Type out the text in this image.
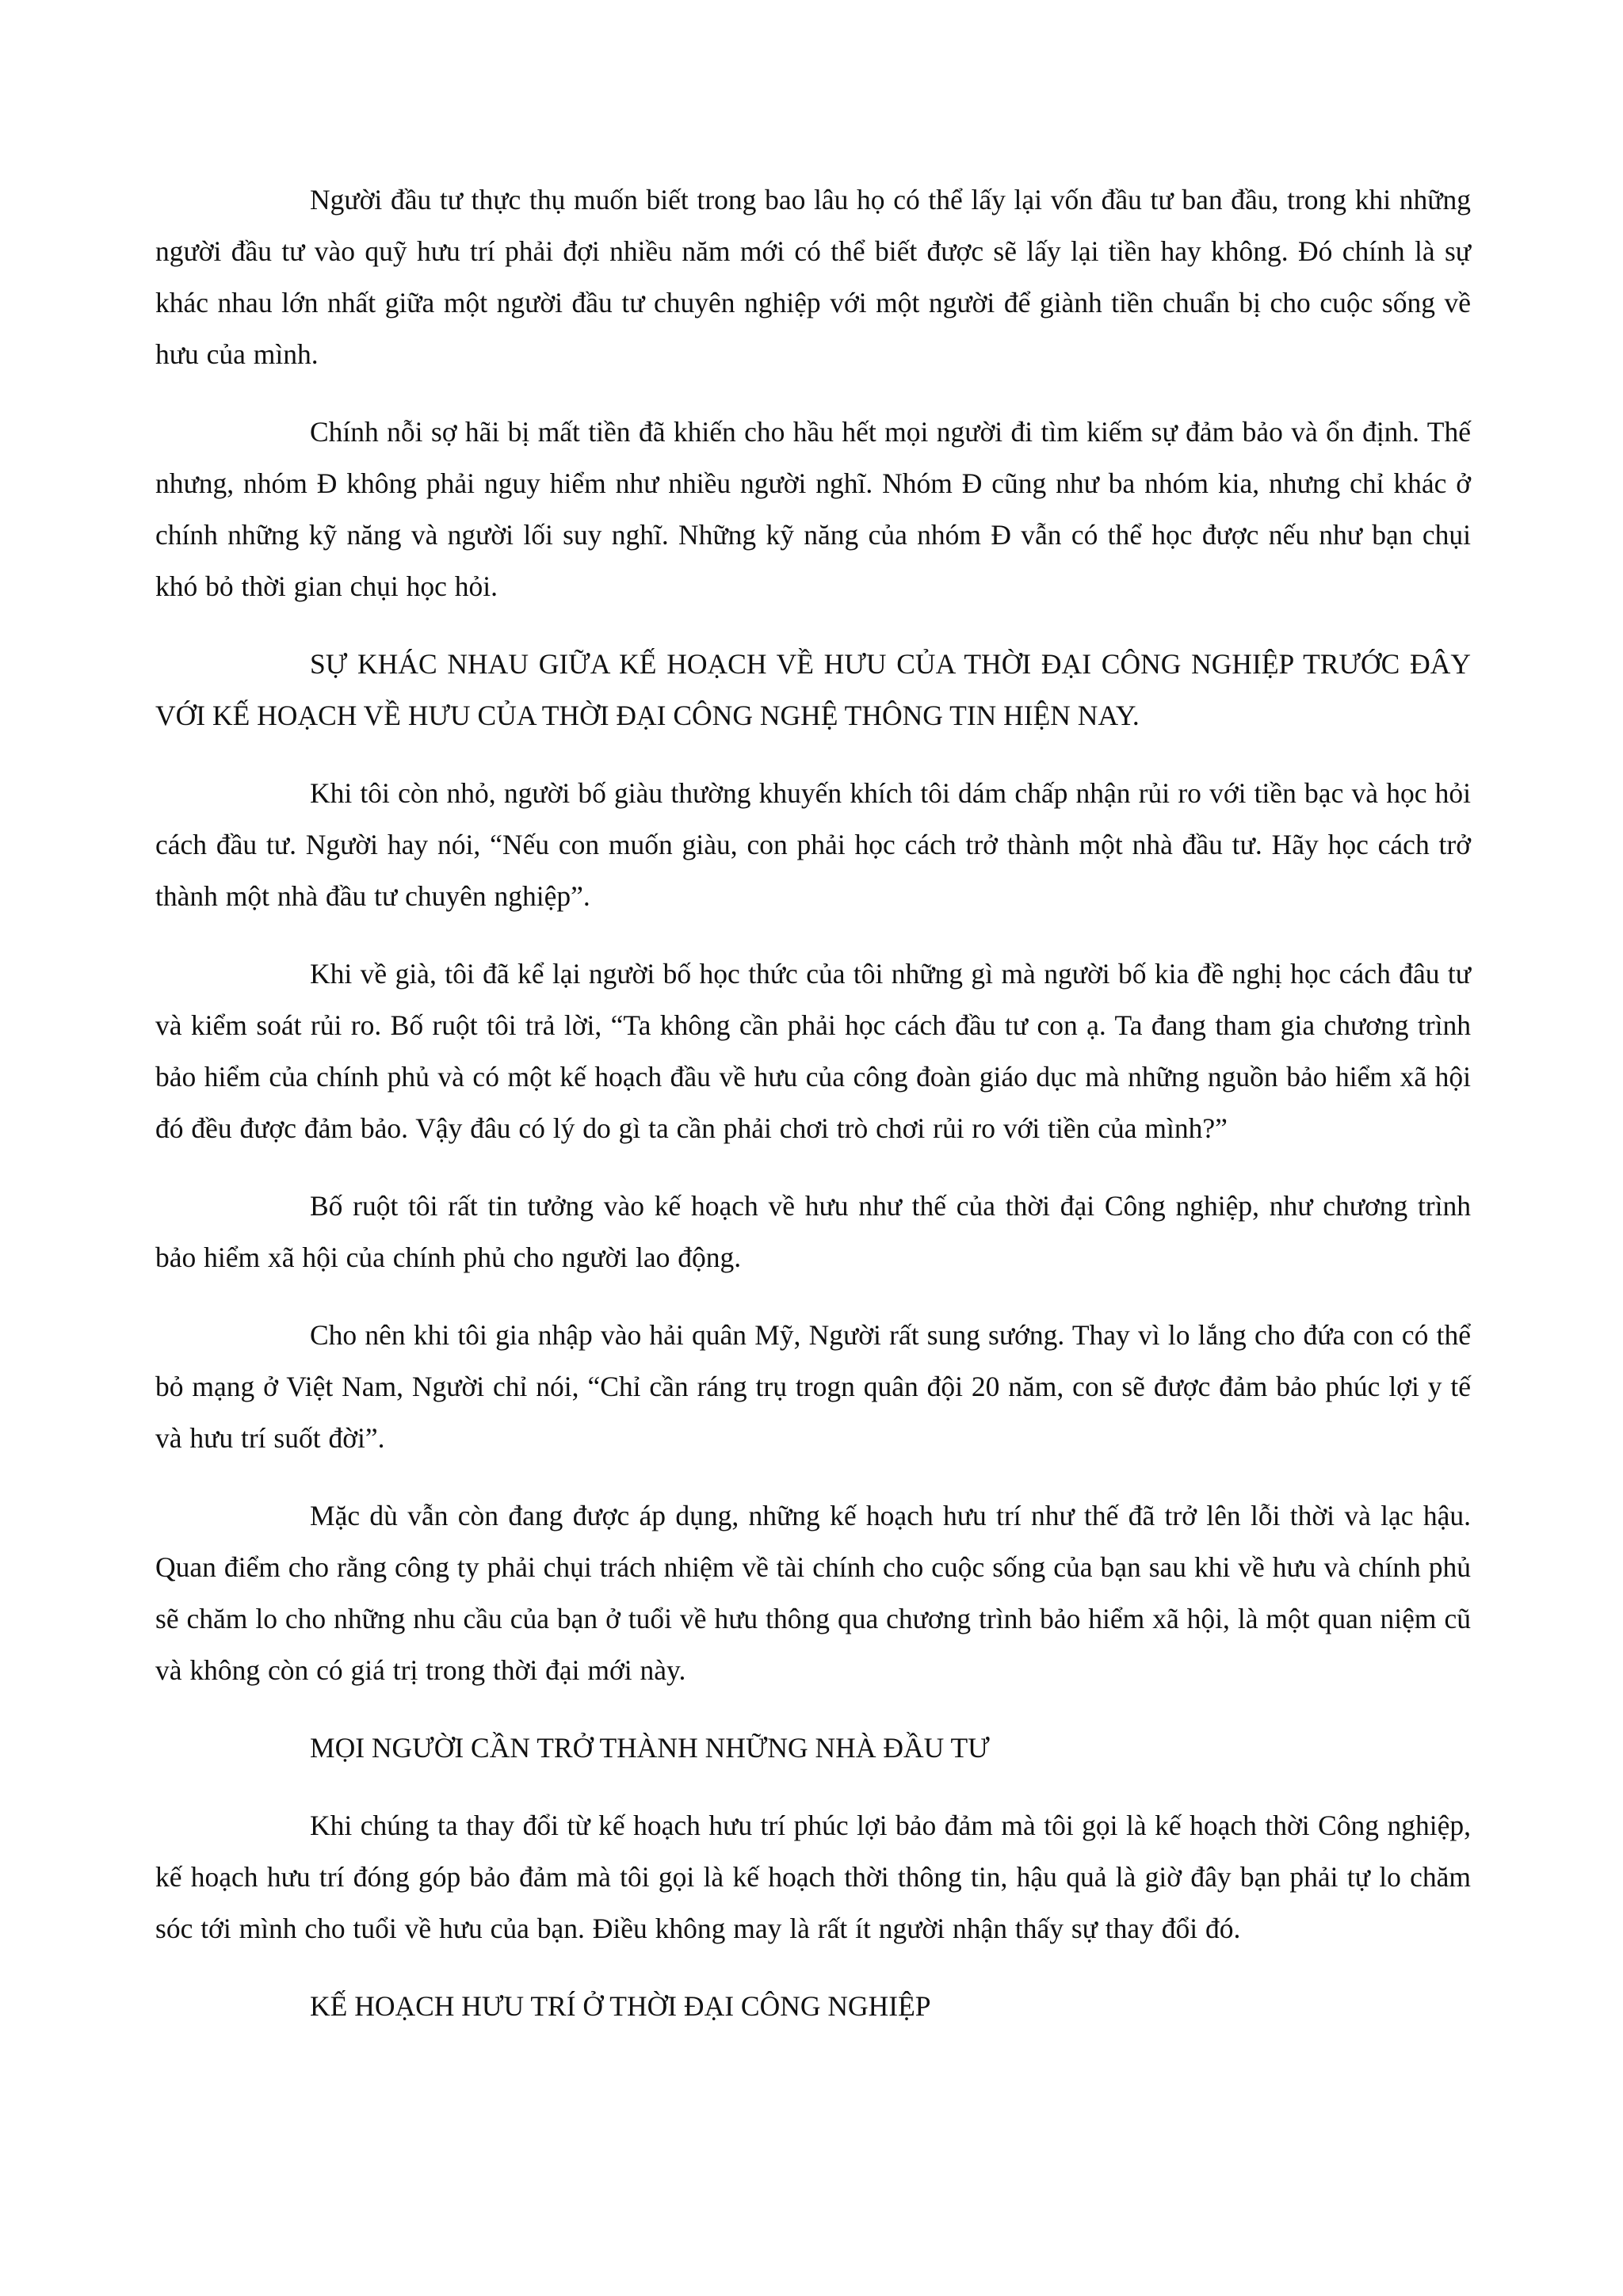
Người đầu tư thực thụ muốn biết trong bao lâu họ có thể lấy lại vốn đầu tư ban đầu, trong khi những người đầu tư vào quỹ hưu trí phải đợi nhiều năm mới có thể biết được sẽ lấy lại tiền hay không. Đó chính là sự khác nhau lớn nhất giữa một người đầu tư chuyên nghiệp với một người để giành tiền chuẩn bị cho cuộc sống về hưu của mình.

Chính nỗi sợ hãi bị mất tiền đã khiến cho hầu hết mọi người đi tìm kiếm sự đảm bảo và ổn định. Thế nhưng, nhóm Đ không phải nguy hiểm như nhiều người nghĩ. Nhóm Đ cũng như ba nhóm kia, nhưng chỉ khác ở chính những kỹ năng và người lối suy nghĩ. Những kỹ năng của nhóm Đ vẫn có thể học được nếu như bạn chụi khó bỏ thời gian chụi học hỏi.

SỰ KHÁC NHAU GIỮA KẾ HOẠCH VỀ HƯU CỦA THỜI ĐẠI CÔNG NGHIỆP TRƯỚC ĐÂY VỚI KẾ HOẠCH VỀ HƯU CỦA THỜI ĐẠI CÔNG NGHỆ THÔNG TIN HIỆN NAY.

Khi tôi còn nhỏ, người bố giàu thường khuyến khích tôi dám chấp nhận rủi ro với tiền bạc và học hỏi cách đầu tư. Người hay nói, “Nếu con muốn giàu, con phải học cách trở thành một nhà đầu tư. Hãy học cách trở thành một nhà đầu tư chuyên nghiệp”.

Khi về già, tôi đã kể lại người bố học thức của tôi những gì mà người bố kia đề nghị học cách đâu tư và kiểm soát rủi ro. Bố ruột tôi trả lời, “Ta không cần phải học cách đầu tư con ạ. Ta đang tham gia chương trình bảo hiểm của chính phủ và có một kế hoạch đầu về hưu của công đoàn giáo dục mà những nguồn bảo hiểm xã hội đó đều được đảm bảo. Vậy đâu có lý do gì ta cần phải chơi trò chơi rủi ro với tiền của mình?”

Bố ruột tôi rất tin tưởng vào kế hoạch về hưu như thế của thời đại Công nghiệp, như chương trình bảo hiểm xã hội của chính phủ cho người lao động.

Cho nên khi tôi gia nhập vào hải quân Mỹ, Người rất sung sướng. Thay vì lo lắng cho đứa con có thể bỏ mạng ở Việt Nam, Người chỉ nói, “Chỉ cần ráng trụ trogn quân đội 20 năm, con sẽ được đảm bảo phúc lợi y tế và hưu trí suốt đời”.

Mặc dù vẫn còn đang được áp dụng, những kế hoạch hưu trí như thế đã trở lên lỗi thời và lạc hậu. Quan điểm cho rằng công ty phải chụi trách nhiệm về tài chính cho cuộc sống của bạn sau khi về hưu và chính phủ sẽ chăm lo cho những nhu cầu của bạn ở tuổi về hưu thông qua chương trình bảo hiểm xã hội, là một quan niệm cũ và không còn có giá trị trong thời đại mới này.

MỌI NGƯỜI CẦN TRỞ THÀNH NHỮNG NHÀ ĐẦU TƯ

Khi chúng ta thay đổi từ kế hoạch hưu trí phúc lợi bảo đảm mà tôi gọi là kế hoạch thời Công nghiệp, kế hoạch hưu trí đóng góp bảo đảm mà tôi gọi là kế hoạch thời thông tin, hậu quả là giờ đây bạn phải tự lo chăm sóc tới mình cho tuổi về hưu của bạn. Điều không may là rất ít người nhận thấy sự thay đổi đó.

KẾ HOẠCH HƯU TRÍ Ở THỜI ĐẠI CÔNG NGHIỆP
